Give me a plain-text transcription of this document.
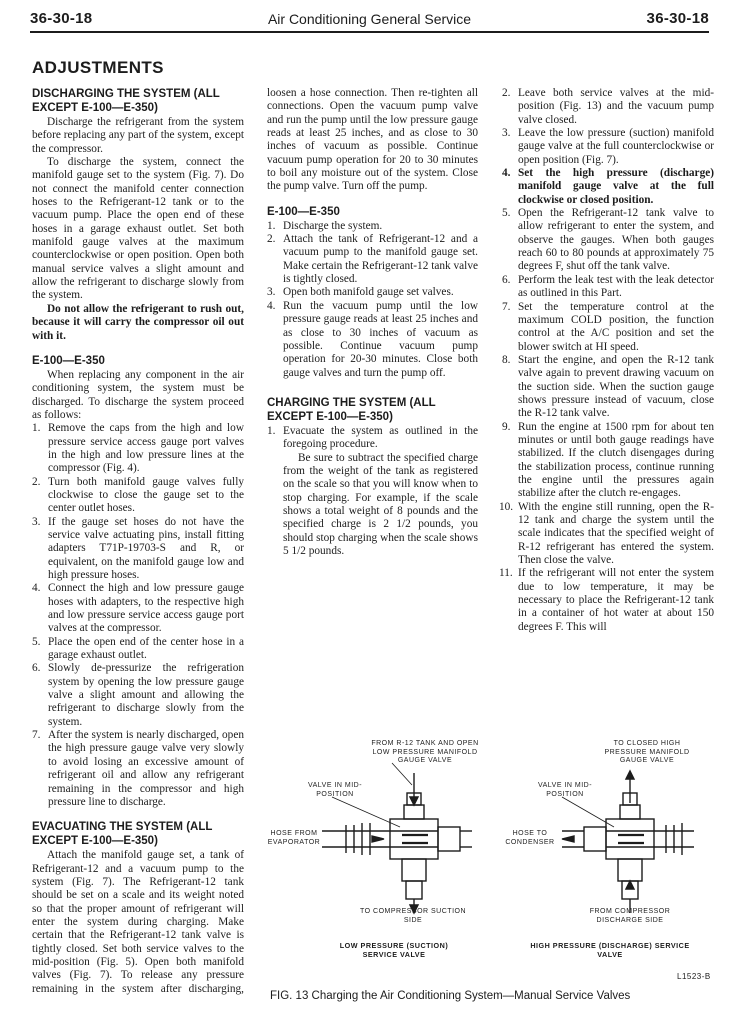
36-30-18	Air Conditioning General Service	36-30-18
ADJUSTMENTS
DISCHARGING THE SYSTEM (ALL EXCEPT E-100—E-350)

Discharge the refrigerant from the system before replacing any part of the system, except the compressor.

To discharge the system, connect the manifold gauge set to the system (Fig. 7). Do not connect the manifold center connection hoses to the Refrigerant-12 tank or to the vacuum pump. Place the open end of these hoses in a garage exhaust outlet. Set both manifold gauge valves at the maximum counterclockwise or open position. Open both manual service valves a slight amount and allow the refrigerant to discharge slowly from the system.

Do not allow the refrigerant to rush out, because it will carry the compressor oil out with it.

E-100—E-350

When replacing any component in the air conditioning system, the system must be discharged. To discharge the system proceed as follows:

1. Remove the caps from the high and low pressure service access gauge port valves in the high and low pressure lines at the compressor (Fig. 4).
2. Turn both manifold gauge valves fully clockwise to close the gauge set to the center outlet hoses.
3. If the gauge set hoses do not have the service valve actuating pins, install fitting adapters T71P-19703-S and R, or equivalent, on the manifold gauge low and high pressure hoses.
4. Connect the high and low pressure gauge hoses with adapters, to the respective high and low pressure service access gauge port valves at the compressor.
5. Place the open end of the center hose in a garage exhaust outlet.
6. Slowly de-pressurize the refrigeration system by opening the low pressure gauge valve a slight amount and allowing the refrigerant to discharge slowly from the system.
7. After the system is nearly discharged, open the high pressure gauge valve very slowly to avoid losing an excessive amount of refrigerant oil and allow any refrigerant remaining in the compressor and high pressure line to discharge.
EVACUATING THE SYSTEM (ALL EXCEPT E-100—E-350)

Attach the manifold gauge set, a tank of Refrigerant-12 and a vacuum pump to the system (Fig. 7). The Refrigerant-12 tank should be set on a scale and its weight noted so that the proper amount of refrigerant will enter the system during charging. Make certain that the Refrigerant-12 tank valve is tightly closed. Set both service valves to the mid-position (Fig. 5). Open both manifold valves (Fig. 7). To release any pressure remaining in the system after discharging,

loosen a hose connection. Then re-tighten all connections. Open the vacuum pump valve and run the pump until the low pressure gauge reads at least 25 inches, and as close to 30 inches of vacuum as possible. Continue vacuum pump operation for 20 to 30 minutes to boil any moisture out of the system. Close the pump valve. Turn off the pump.

E-100—E-350
1. Discharge the system.
2. Attach the tank of Refrigerant-12 and a vacuum pump to the manifold gauge set. Make certain the Refrigerant-12 tank valve is tightly closed.
3. Open both manifold gauge set valves.
4. Run the vacuum pump until the low pressure gauge reads at least 25 inches and as close to 30 inches of vacuum as possible. Continue vacuum pump operation for 20-30 minutes. Close both gauge valves and turn the pump off.
CHARGING THE SYSTEM (ALL EXCEPT E-100—E-350)
1. Evacuate the system as outlined in the foregoing procedure.
Be sure to subtract the specified charge from the weight of the tank as registered on the scale so that you will know when to stop charging. For example, if the scale shows a total weight of 8 pounds and the specified charge is 2 1/2 pounds, you should stop charging when the scale shows 5 1/2 pounds.
2. Leave both service valves at the mid-position (Fig. 13) and the vacuum pump valve closed.
3. Leave the low pressure (suction) manifold gauge valve at the full counterclockwise or open position (Fig. 7).
4. Set the high pressure (discharge) manifold gauge valve at the full clockwise or closed position.
5. Open the Refrigerant-12 tank valve to allow refrigerant to enter the system, and observe the gauges. When both gauges reach 60 to 80 pounds at approximately 75 degrees F, shut off the tank valve.
6. Perform the leak test with the leak detector as outlined in this Part.
7. Set the temperature control at the maximum COLD position, the function control at the A/C position and set the blower switch at HI speed.
8. Start the engine, and open the R-12 tank valve again to prevent drawing vacuum on the suction side. When the suction gauge shows pressure instead of vacuum, close the R-12 tank valve.
9. Run the engine at 1500 rpm for about ten minutes or until both gauge readings have stabilized. If the clutch disengages during the stabilization process, continue running the engine until the pressures again stabilize after the clutch re-engages.
10. With the engine still running, open the R-12 tank and charge the system until the scale indicates that the specified weight of R-12 refrigerant has entered the system. Then close the valve.
11. If the refrigerant will not enter the system due to low temperature, it may be necessary to place the Refrigerant-12 tank in a container of hot water at about 150 degrees F. This will
FROM R-12 TANK AND OPEN LOW PRESSURE MANIFOLD GAUGE VALVE
TO CLOSED HIGH PRESSURE MANIFOLD GAUGE VALVE
VALVE IN MID-POSITION
VALVE IN MID-POSITION
HOSE FROM EVAPORATOR
HOSE TO CONDENSER
TO COMPRESSOR SUCTION SIDE
FROM COMPRESSOR DISCHARGE SIDE
LOW PRESSURE (SUCTION) SERVICE VALVE
HIGH PRESSURE (DISCHARGE) SERVICE VALVE
L1523-B
FIG. 13 Charging the Air Conditioning System—Manual Service Valves
